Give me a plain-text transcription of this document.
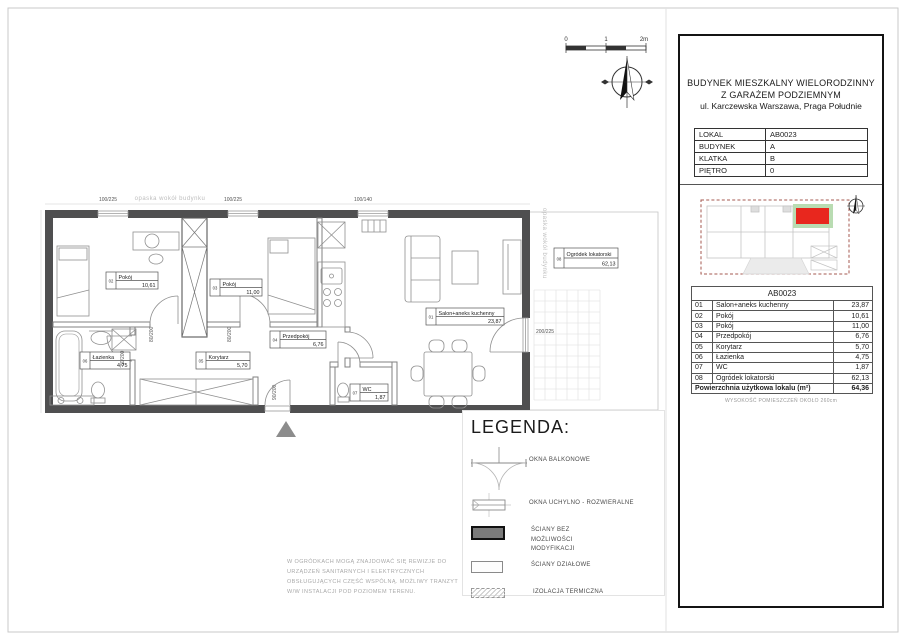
0	1	2m
opaska wokół budynku
opaska wokół budynku
01 Salon+aneks kuchenny
23,87
02 Pokój
10,61	03 Pokój
11,00
04 Przedpokój
6,76
05 Korytarz
5,70
06 Łazienka
4,75
07 WC
1,87
08
Ogródek lokatorski
62,13
100/225	100/225	100/140
200/225
80/200	80/200
80/200
90/200
LEGENDA:
OKNA BALKONOWE
OKNA UCHYLNO - ROZWIERALNE
ŚCIANY BEZ MOŻLIWOŚCI MODYFIKACJI
ŚCIANY DZIAŁOWE
IZOLACJA TERMICZNA
W OGRÓDKACH MOGĄ ZNAJDOWAĆ SIĘ REWIZJE DO URZĄDZEŃ SANITARNYCH I ELEKTRYCZNYCH OBSŁUGUJĄCYCH CZĘŚĆ WSPÓLNĄ. MOŻLIWY TRANZYT W/W INSTALACJI POD POZIOMEM TERENU.
BUDYNEK MIESZKALNY WIELORODZINNY
Z GARAŻEM PODZIEMNYM
ul. Karczewska Warszawa, Praga Południe
LOKAL	AB0023
BUDYNEK	A
KLATKA	B
PIĘTRO	0
AB0023		
01	Salon+aneks kuchenny	23,87
02	Pokój	10,61
03	Pokój	11,00
04	Przedpokój	6,76
05	Korytarz	5,70
06	Łazienka	4,75
07	WC	1,87
08	Ogródek lokatorski	62,13
Powierzchnia użytkowa lokalu (m²)		64,36
WYSOKOŚĆ POMIESZCZEŃ OKOŁO 260cm
